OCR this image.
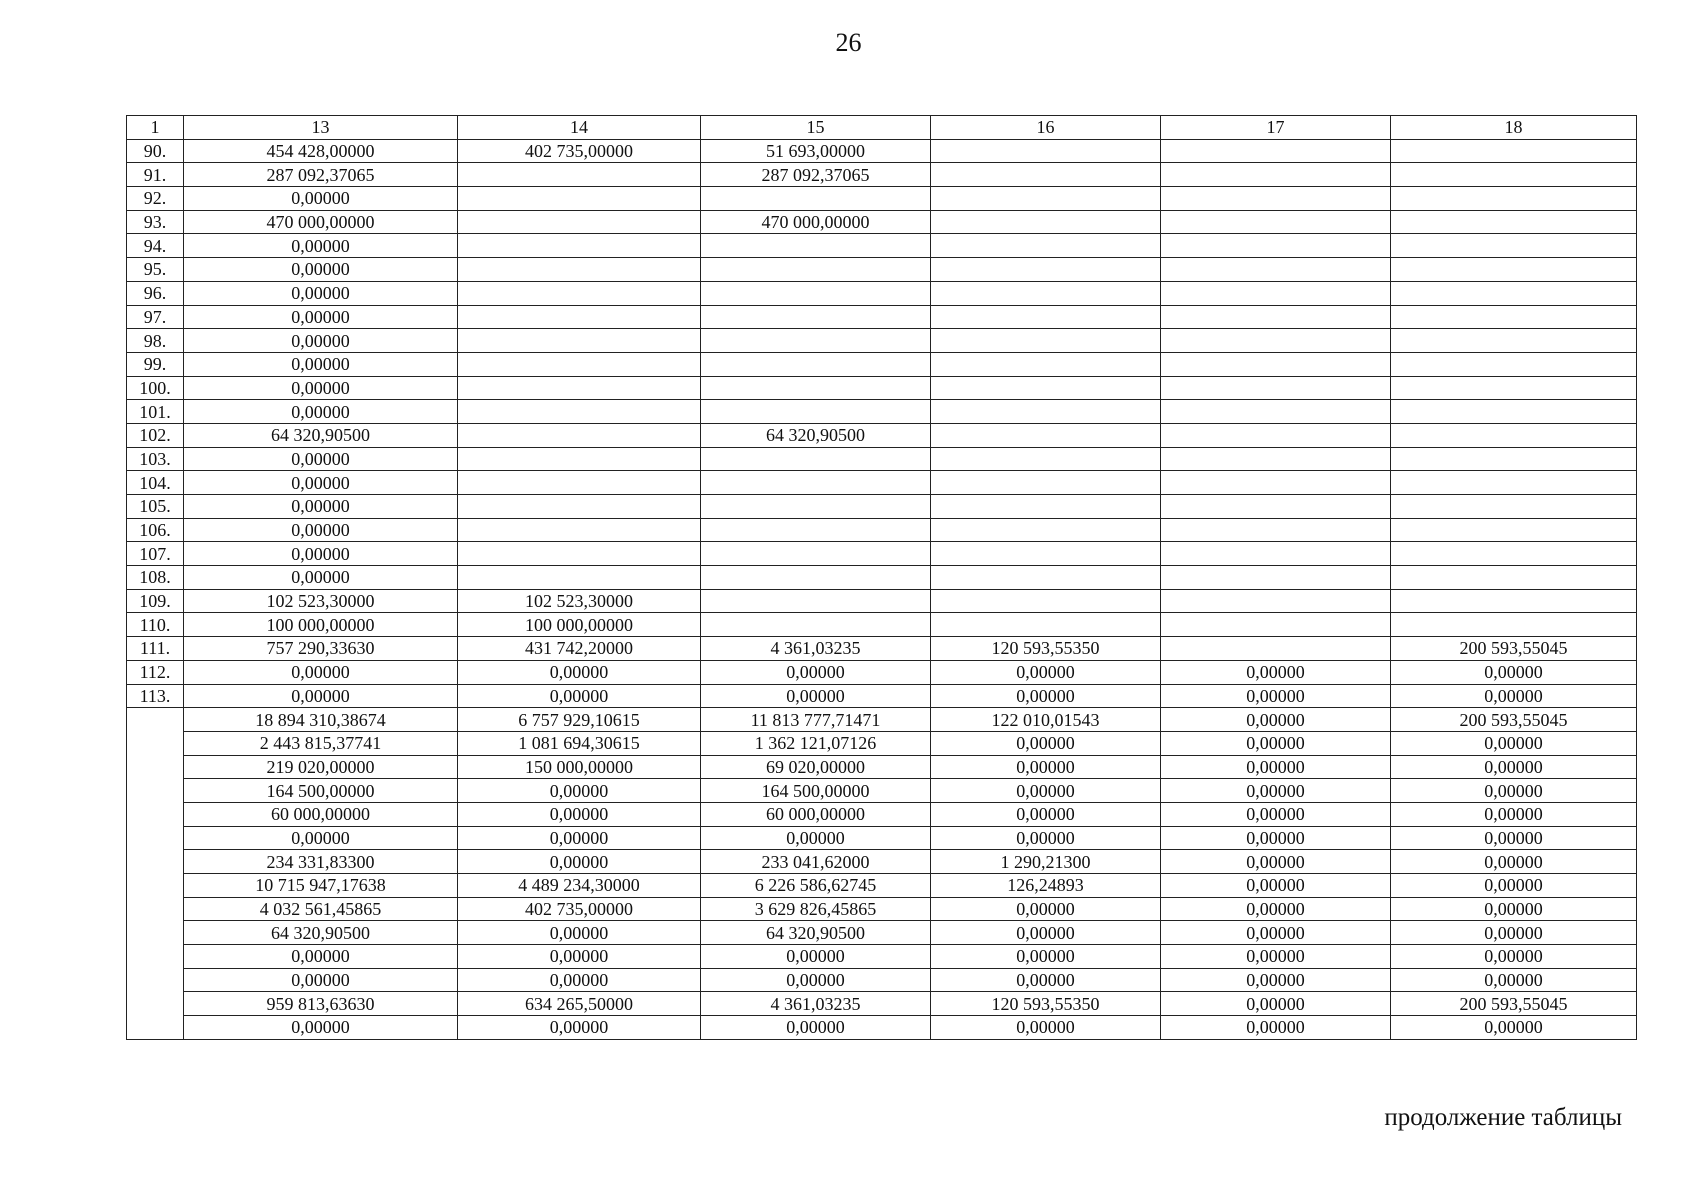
26
1	13	14	15	16	17	18
90.	454 428,00000	402 735,00000	51 693,00000			
91.	287 092,37065		287 092,37065			
92.	0,00000					
93.	470 000,00000		470 000,00000			
94.	0,00000					
95.	0,00000					
96.	0,00000					
97.	0,00000					
98.	0,00000					
99.	0,00000					
100.	0,00000					
101.	0,00000					
102.	64 320,90500		64 320,90500			
103.	0,00000					
104.	0,00000					
105.	0,00000					
106.	0,00000					
107.	0,00000					
108.	0,00000					
109.	102 523,30000	102 523,30000				
110.	100 000,00000	100 000,00000				
111.	757 290,33630	431 742,20000	4 361,03235	120 593,55350		200 593,55045
112.	0,00000	0,00000	0,00000	0,00000	0,00000	0,00000
113.	0,00000	0,00000	0,00000	0,00000	0,00000	0,00000
	18 894 310,38674	6 757 929,10615	11 813 777,71471	122 010,01543	0,00000	200 593,55045
	2 443 815,37741	1 081 694,30615	1 362 121,07126	0,00000	0,00000	0,00000
	219 020,00000	150 000,00000	69 020,00000	0,00000	0,00000	0,00000
	164 500,00000	0,00000	164 500,00000	0,00000	0,00000	0,00000
	60 000,00000	0,00000	60 000,00000	0,00000	0,00000	0,00000
	0,00000	0,00000	0,00000	0,00000	0,00000	0,00000
	234 331,83300	0,00000	233 041,62000	1 290,21300	0,00000	0,00000
	10 715 947,17638	4 489 234,30000	6 226 586,62745	126,24893	0,00000	0,00000
	4 032 561,45865	402 735,00000	3 629 826,45865	0,00000	0,00000	0,00000
	64 320,90500	0,00000	64 320,90500	0,00000	0,00000	0,00000
	0,00000	0,00000	0,00000	0,00000	0,00000	0,00000
	0,00000	0,00000	0,00000	0,00000	0,00000	0,00000
	959 813,63630	634 265,50000	4 361,03235	120 593,55350	0,00000	200 593,55045
	0,00000	0,00000	0,00000	0,00000	0,00000	0,00000
продолжение таблицы
